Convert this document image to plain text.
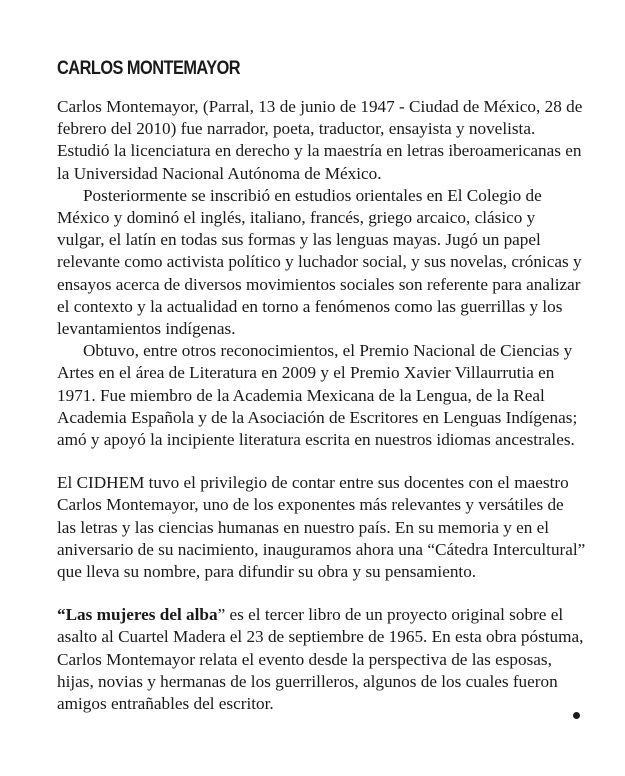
CARLOS MONTEMAYOR

Carlos Montemayor, (Parral, 13 de junio de 1947 - Ciudad de México, 28 de febrero del 2010) fue narrador, poeta, traductor, ensayista y novelista. Estudió la licenciatura en derecho y la maestría en letras iberoamericanas en la Universidad Nacional Autónoma de México.

Posteriormente se inscribió en estudios orientales en El Colegio de México y dominó el inglés, italiano, francés, griego arcaico, clásico y vulgar, el latín en todas sus formas y las lenguas mayas. Jugó un papel relevante como activista político y luchador social, y sus novelas, crónicas y ensayos acerca de diversos movimientos sociales son referente para analizar el contexto y la actualidad en torno a fenómenos como las guerrillas y los levantamientos indígenas.

Obtuvo, entre otros reconocimientos, el Premio Nacional de Ciencias y Artes en el área de Literatura en 2009 y el Premio Xavier Villaurrutia en 1971. Fue miembro de la Academia Mexicana de la Lengua, de la Real Academia Española y de la Asociación de Escritores en Lenguas Indígenas; amó y apoyó la incipiente literatura escrita en nuestros idiomas ancestrales.

El CIDHEM tuvo el privilegio de contar entre sus docentes con el maestro Carlos Montemayor, uno de los exponentes más relevantes y versátiles de las letras y las ciencias humanas en nuestro país. En su memoria y en el aniversario de su nacimiento, inauguramos ahora una “Cátedra Intercultural” que lleva su nombre, para difundir su obra y su pensamiento.

“Las mujeres del alba” es el tercer libro de un proyecto original sobre el asalto al Cuartel Madera el 23 de septiembre de 1965. En esta obra póstuma, Carlos Montemayor relata el evento desde la perspectiva de las esposas, hijas, novias y hermanas de los guerrilleros, algunos de los cuales fueron amigos entrañables del escritor.
